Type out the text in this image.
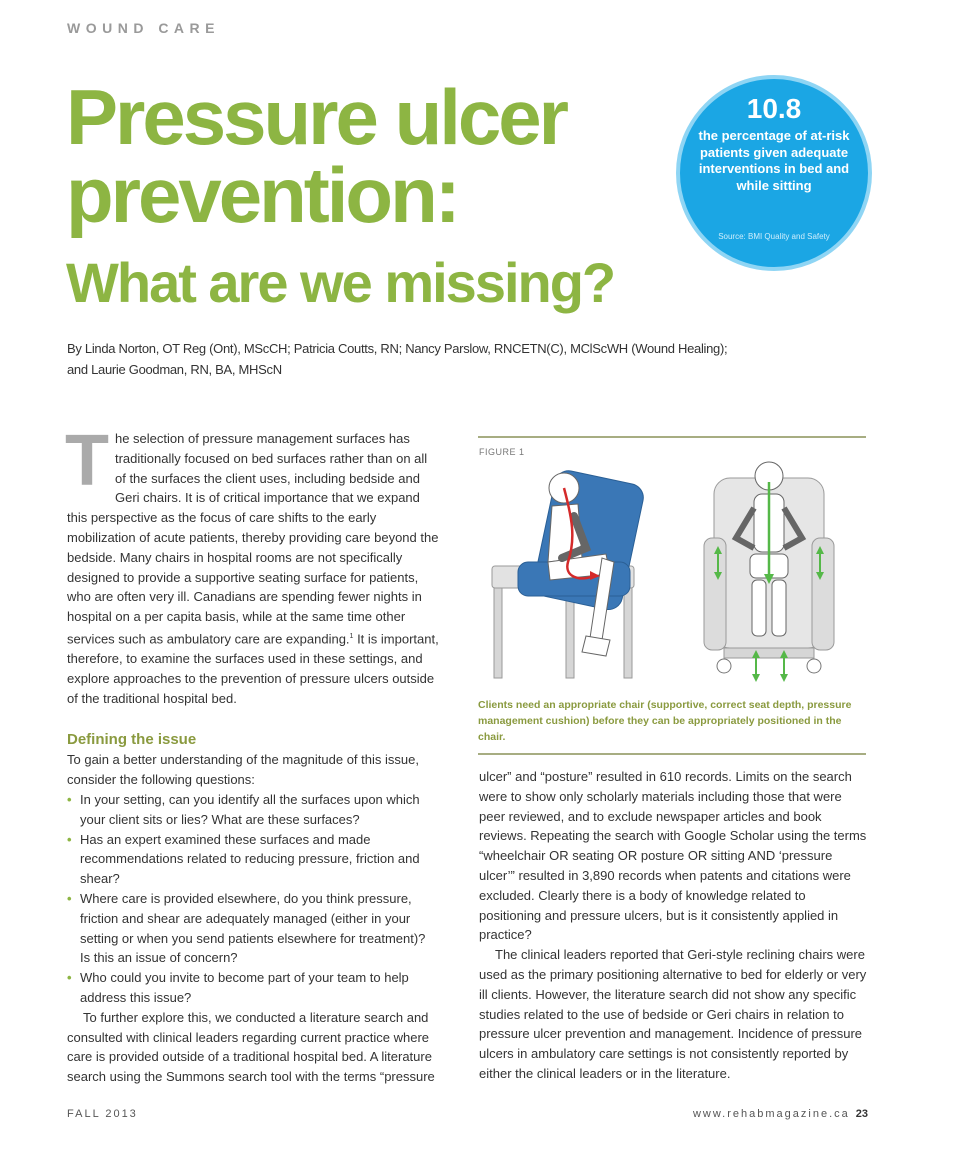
WOUND CARE
Pressure ulcer
prevention:
What are we missing?
10.8
the percentage of at-risk patients given adequate interventions in bed and while sitting
Source: BMI Quality and Safety
By Linda Norton, OT Reg (Ont), MScCH; Patricia Coutts, RN; Nancy Parslow, RNCETN(C), MClScWH (Wound Healing);
and Laurie Goodman, RN, BA, MHScN

The selection of pressure management surfaces has traditionally focused on bed surfaces rather than on all of the surfaces the client uses, including bedside and Geri chairs. It is of critical importance that we expand this perspective as the focus of care shifts to the early mobilization of acute patients, thereby providing care beyond the bedside. Many chairs in hospital rooms are not specifically designed to provide a supportive seating surface for patients, who are often very ill. Canadians are spending fewer nights in hospital on a per capita basis, while at the same time other services such as ambulatory care are expanding.$^1$ It is important, therefore, to examine the surfaces used in these settings, and explore approaches to the prevention of pressure ulcers outside of the traditional hospital bed.

Defining the issue

To gain a better understanding of the magnitude of this issue, consider the following questions:

• In your setting, can you identify all the surfaces upon which your client sits or lies? What are these surfaces?
• Has an expert examined these surfaces and made recommendations related to reducing pressure, friction and shear?
• Where care is provided elsewhere, do you think pressure, friction and shear are adequately managed (either in your setting or when you send patients elsewhere for treatment)? Is this an issue of concern?
• Who could you invite to become part of your team to help address this issue?

To further explore this, we conducted a literature search and consulted with clinical leaders regarding current practice where care is provided outside of a traditional hospital bed. A literature search using the Summons search tool with the terms “pressure

FIGURE 1
Clients need an appropriate chair (supportive, correct seat depth, pressure management cushion) before they can be appropriately positioned in the chair.

ulcer” and “posture” resulted in 610 records. Limits on the search were to show only scholarly materials including those that were peer reviewed, and to exclude newspaper articles and book reviews. Repeating the search with Google Scholar using the terms “wheelchair OR seating OR posture OR sitting AND ‘pressure ulcer’” resulted in 3,890 records when patents and citations were excluded. Clearly there is a body of knowledge related to positioning and pressure ulcers, but is it consistently applied in practice?

The clinical leaders reported that Geri-style reclining chairs were used as the primary positioning alternative to bed for elderly or very ill clients. However, the literature search did not show any specific studies related to the use of bedside or Geri chairs in relation to pressure ulcer prevention and management. Incidence of pressure ulcers in ambulatory care settings is not consistently reported by either the clinical leaders or in the literature.

FALL 2013	www.rehabmagazine.ca 23
